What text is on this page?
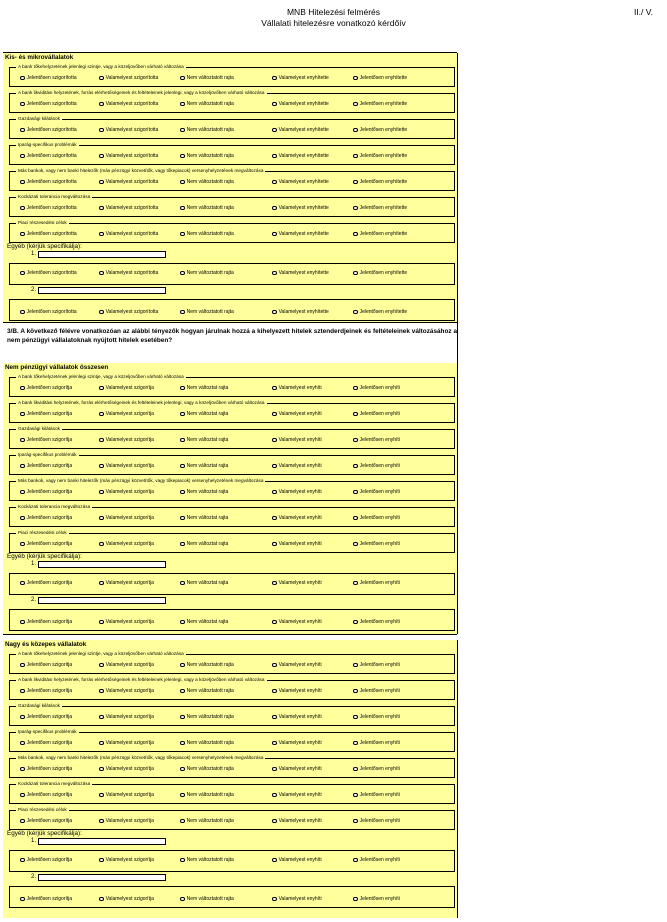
MNB Hitelezési felmérés
Vállalati hitelezésre vonatkozó kérdőív
II./ V.
Kis- és mikrovállalatok
A bank tőkehelyzetének jelenlegi szintje, vagy a közeljövőben várható változása
Jelentősen szigorította	Valamelyest szigorította	Nem változtatott rajta	Valamelyest enyhítette	Jelentősen enyhítette
A bank likviditási helyzetének, forrás elérhetőségeinek és feltételeinek jelenlegi, vagy a közeljövőben várható változása
Jelentősen szigorította	Valamelyest szigorította	Nem változtatott rajta	Valamelyest enyhítette	Jelentősen enyhítette
Gazdasági kilátások
Jelentősen szigorította	Valamelyest szigorította	Nem változtatott rajta	Valamelyest enyhítette	Jelentősen enyhítette
Iparág-specifikus problémák
Jelentősen szigorította	Valamelyest szigorította	Nem változtatott rajta	Valamelyest enyhítette	Jelentősen enyhítette
Más bankok, vagy nem banki hitelezők (más pénzügyi közvetítők, vagy tőkepiacok) versenyhelyzetének megváltozása
Jelentősen szigorította	Valamelyest szigorította	Nem változtatott rajta	Valamelyest enyhítette	Jelentősen enyhítette
Kockázati tolerancia megváltozása
Jelentősen szigorította	Valamelyest szigorította	Nem változtatott rajta	Valamelyest enyhítette	Jelentősen enyhítette
Piaci részesedési célok
Jelentősen szigorította	Valamelyest szigorította	Nem változtatott rajta	Valamelyest enyhítette	Jelentősen enyhítette
Egyéb (kérjük specifikálja):
1.
Jelentősen szigorította	Valamelyest szigorította	Nem változtatott rajta	Valamelyest enyhítette	Jelentősen enyhítette
2.
Jelentősen szigorította	Valamelyest szigorította	Nem változtatott rajta	Valamelyest enyhítette	Jelentősen enyhítette
Nem pénzügyi vállalatok összesen
A bank tőkehelyzetének jelenlegi szintje, vagy a közeljövőben várható változása
Jelentősen szigorítja	Valamelyest szigorítja	Nem változtat rajta	Valamelyest enyhíti	Jelentősen enyhíti
A bank likviditási helyzetének, forrás elérhetőségeinek és feltételeinek jelenlegi, vagy a közeljövőben várható változása
Jelentősen szigorítja	Valamelyest szigorítja	Nem változtat rajta	Valamelyest enyhíti	Jelentősen enyhíti
Gazdasági kilátások
Jelentősen szigorítja	Valamelyest szigorítja	Nem változtat rajta	Valamelyest enyhíti	Jelentősen enyhíti
Iparág-specifikus problémák
Jelentősen szigorítja	Valamelyest szigorítja	Nem változtat rajta	Valamelyest enyhíti	Jelentősen enyhíti
Más bankok, vagy nem banki hitelezők (más pénzügyi közvetítők, vagy tőkepiacok) versenyhelyzetének megváltozása
Jelentősen szigorítja	Valamelyest szigorítja	Nem változtat rajta	Valamelyest enyhíti	Jelentősen enyhíti
Kockázati tolerancia megváltozása
Jelentősen szigorítja	Valamelyest szigorítja	Nem változtat rajta	Valamelyest enyhíti	Jelentősen enyhíti
Piaci részesedési célok
Jelentősen szigorítja	Valamelyest szigorítja	Nem változtat rajta	Valamelyest enyhíti	Jelentősen enyhíti
Egyéb (kérjük specifikálja):
1.
Jelentősen szigorítja	Valamelyest szigorítja	Nem változtat rajta	Valamelyest enyhíti	Jelentősen enyhíti
2.
Jelentősen szigorítja	Valamelyest szigorítja	Nem változtat rajta	Valamelyest enyhíti	Jelentősen enyhíti
Nagy és közepes vállalatok
A bank tőkehelyzetének jelenlegi szintje, vagy a közeljövőben várható változása
Jelentősen szigorítja	Valamelyest szigorítja	Nem változtatott rajta	Valamelyest enyhíti	Jelentősen enyhíti
A bank likviditási helyzetének, forrás elérhetőségeinek és feltételeinek jelenlegi, vagy a közeljövőben várható változása
Jelentősen szigorítja	Valamelyest szigorítja	Nem változtatott rajta	Valamelyest enyhíti	Jelentősen enyhíti
Gazdasági kilátások
Jelentősen szigorítja	Valamelyest szigorítja	Nem változtatott rajta	Valamelyest enyhíti	Jelentősen enyhíti
Iparág-specifikus problémák
Jelentősen szigorítja	Valamelyest szigorítja	Nem változtatott rajta	Valamelyest enyhíti	Jelentősen enyhíti
Más bankok, vagy nem banki hitelezők (más pénzügyi közvetítők, vagy tőkepiacok) versenyhelyzetének megváltozása
Jelentősen szigorítja	Valamelyest szigorítja	Nem változtatott rajta	Valamelyest enyhíti	Jelentősen enyhíti
Kockázati tolerancia megváltozása
Jelentősen szigorítja	Valamelyest szigorítja	Nem változtatott rajta	Valamelyest enyhíti	Jelentősen enyhíti
Piaci részesedési célok
Jelentősen szigorítja	Valamelyest szigorítja	Nem változtatott rajta	Valamelyest enyhíti	Jelentősen enyhíti
Egyéb (kérjük specifikálja):
1.
Jelentősen szigorítja	Valamelyest szigorítja	Nem változtatott rajta	Valamelyest enyhíti	Jelentősen enyhíti
2.
Jelentősen szigorítja	Valamelyest szigorítja	Nem változtatott rajta	Valamelyest enyhíti	Jelentősen enyhíti
3/B. A következő félévre vonatkozóan az alábbi tényezők hogyan járulnak hozzá a kihelyezett hitelek sztenderdjeinek és feltételeinek változásához a nem pénzügyi vállalatoknak nyújtott hitelek esetében?
